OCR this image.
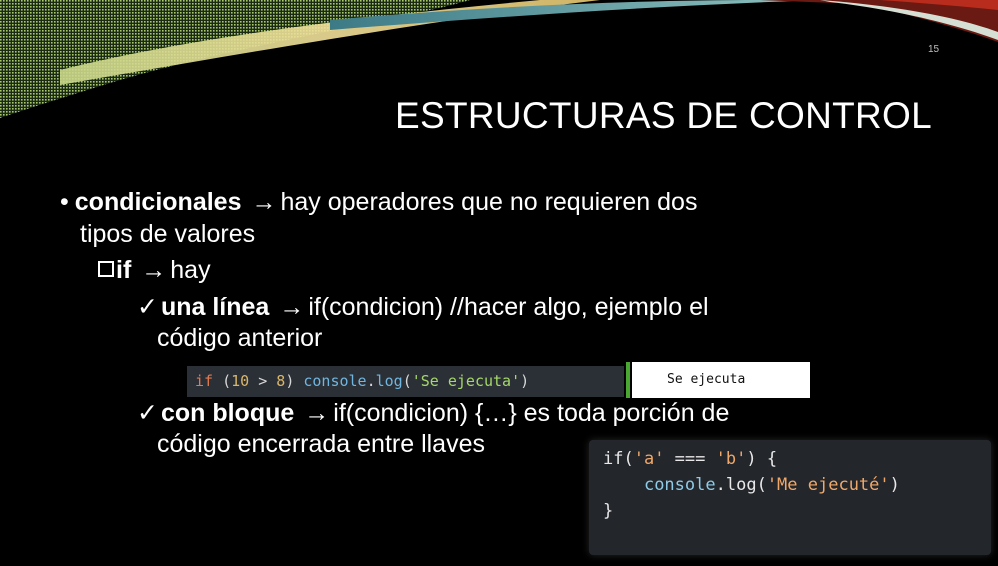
15
ESTRUCTURAS DE CONTROL
• condicionales → hay operadores que no requieren dos
tipos de valores
if → hay
✓ una línea → if(condicion) //hacer algo, ejemplo el
código anterior
if (10 > 8) console.log('Se ejecuta')	Se ejecuta
✓ con bloque → if(condicion) {…} es toda porción de
código encerrada entre llaves
if('a' === 'b') {
console.log('Me ejecuté')
}
